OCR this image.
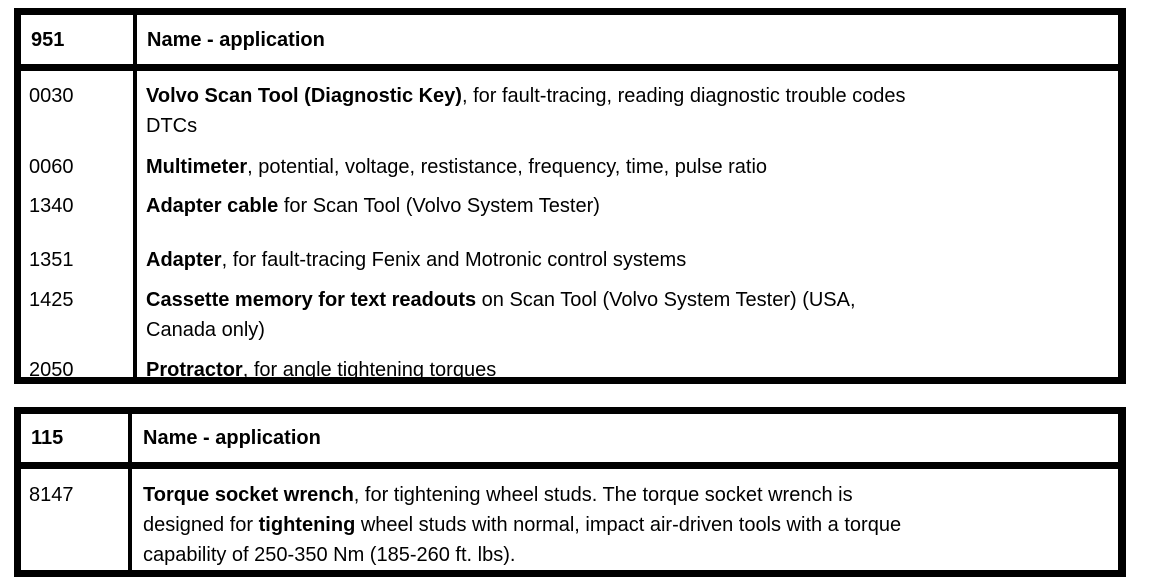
951	Name - application
0030	Volvo Scan Tool (Diagnostic Key), for fault-tracing, reading diagnostic trouble codes
DTCs
0060	Multimeter, potential, voltage, restistance, frequency, time, pulse ratio
1340	Adapter cable for Scan Tool (Volvo System Tester)
1351	Adapter, for fault-tracing Fenix and Motronic control systems
1425	Cassette memory for text readouts on Scan Tool (Volvo System Tester) (USA,
Canada only)
2050	Protractor, for angle tightening torques
115	Name - application
8147	Torque socket wrench, for tightening wheel studs. The torque socket wrench is
designed for tightening wheel studs with normal, impact air-driven tools with a torque
capability of 250-350 Nm (185-260 ft. lbs).
